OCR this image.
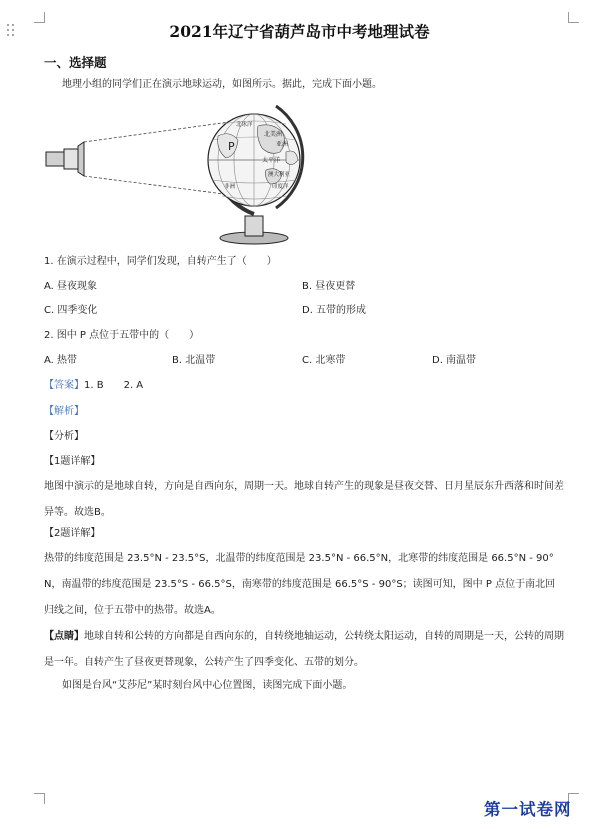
2021年辽宁省葫芦岛市中考地理试卷
一、选择题
地理小组的同学们正在演示地球运动，如图所示。据此，完成下面小题。
P
北美洲
亚洲
太平洋
澳大利亚
印度洋
非洲
北冰洋
1. 在演示过程中，同学们发现，自转产生了（　　）
A. 昼夜现象	B. 昼夜更替
C. 四季变化	D. 五带的形成
2. 图中 P 点位于五带中的（　　）
A. 热带	B. 北温带	C. 北寒带	D. 南温带
【答案】1. B　　2. A
【解析】
【分析】
【1题详解】
地图中演示的是地球自转，方向是自西向东，周期一天。地球自转产生的现象是昼夜交替、日月星辰东升西落和时间差异等。故选B。
【2题详解】
热带的纬度范围是 23.5°N - 23.5°S，北温带的纬度范围是 23.5°N - 66.5°N，北寒带的纬度范围是 66.5°N - 90°N，南温带的纬度范围是 23.5°S - 66.5°S，南寒带的纬度范围是 66.5°S - 90°S；读图可知，图中 P 点位于南北回归线之间，位于五带中的热带。故选A。
【点睛】地球自转和公转的方向都是自西向东的，自转绕地轴运动，公转绕太阳运动，自转的周期是一天，公转的周期是一年。自转产生了昼夜更替现象，公转产生了四季变化、五带的划分。
如图是台风“艾莎尼”某时刻台风中心位置图，读图完成下面小题。
第一试卷网
